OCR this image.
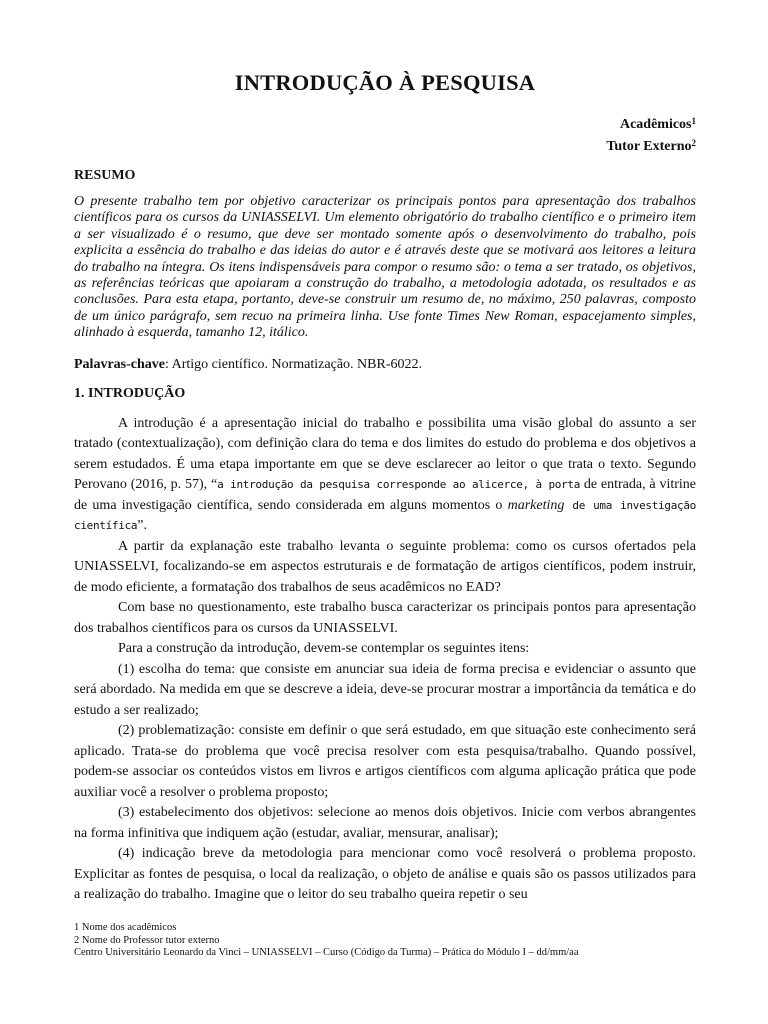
INTRODUÇÃO À PESQUISA
Acadêmicos$^1$
Tutor Externo$^2$
RESUMO
O presente trabalho tem por objetivo caracterizar os principais pontos para apresentação dos trabalhos científicos para os cursos da UNIASSELVI. Um elemento obrigatório do trabalho científico e o primeiro item a ser visualizado é o resumo, que deve ser montado somente após o desenvolvimento do trabalho, pois explicita a essência do trabalho e das ideias do autor e é através deste que se motivará aos leitores a leitura do trabalho na íntegra. Os itens indispensáveis para compor o resumo são: o tema a ser tratado, os objetivos, as referências teóricas que apoiaram a construção do trabalho, a metodologia adotada, os resultados e as conclusões. Para esta etapa, portanto, deve-se construir um resumo de, no máximo, 250 palavras, composto de um único parágrafo, sem recuo na primeira linha. Use fonte Times New Roman, espacejamento simples, alinhado à esquerda, tamanho 12, itálico.
Palavras-chave: Artigo científico. Normatização. NBR-6022.
1. INTRODUÇÃO

A introdução é a apresentação inicial do trabalho e possibilita uma visão global do assunto a ser tratado (contextualização), com definição clara do tema e dos limites do estudo do problema e dos objetivos a serem estudados. É uma etapa importante em que se deve esclarecer ao leitor o que trata o texto. Segundo Perovano (2016, p. 57), “a introdução da pesquisa corresponde ao alicerce, à porta de entrada, à vitrine de uma investigação científica, sendo considerada em alguns momentos o marketing de uma investigação científica”.

A partir da explanação este trabalho levanta o seguinte problema: como os cursos ofertados pela UNIASSELVI, focalizando-se em aspectos estruturais e de formatação de artigos científicos, podem instruir, de modo eficiente, a formatação dos trabalhos de seus acadêmicos no EAD?

Com base no questionamento, este trabalho busca caracterizar os principais pontos para apresentação dos trabalhos científicos para os cursos da UNIASSELVI.

Para a construção da introdução, devem-se contemplar os seguintes itens:

(1) escolha do tema: que consiste em anunciar sua ideia de forma precisa e evidenciar o assunto que será abordado. Na medida em que se descreve a ideia, deve-se procurar mostrar a importância da temática e do estudo a ser realizado;

(2) problematização: consiste em definir o que será estudado, em que situação este conhecimento será aplicado. Trata-se do problema que você precisa resolver com esta pesquisa/trabalho. Quando possível, podem-se associar os conteúdos vistos em livros e artigos científicos com alguma aplicação prática que pode auxiliar você a resolver o problema proposto;

(3) estabelecimento dos objetivos: selecione ao menos dois objetivos. Inicie com verbos abrangentes na forma infinitiva que indiquem ação (estudar, avaliar, mensurar, analisar);

(4) indicação breve da metodologia para mencionar como você resolverá o problema proposto. Explicitar as fontes de pesquisa, o local da realização, o objeto de análise e quais são os passos utilizados para a realização do trabalho. Imagine que o leitor do seu trabalho queira repetir o seu

1 Nome dos acadêmicos
2 Nome do Professor tutor externo
Centro Universitário Leonardo da Vinci – UNIASSELVI – Curso (Código da Turma) – Prática do Módulo I – dd/mm/aa
